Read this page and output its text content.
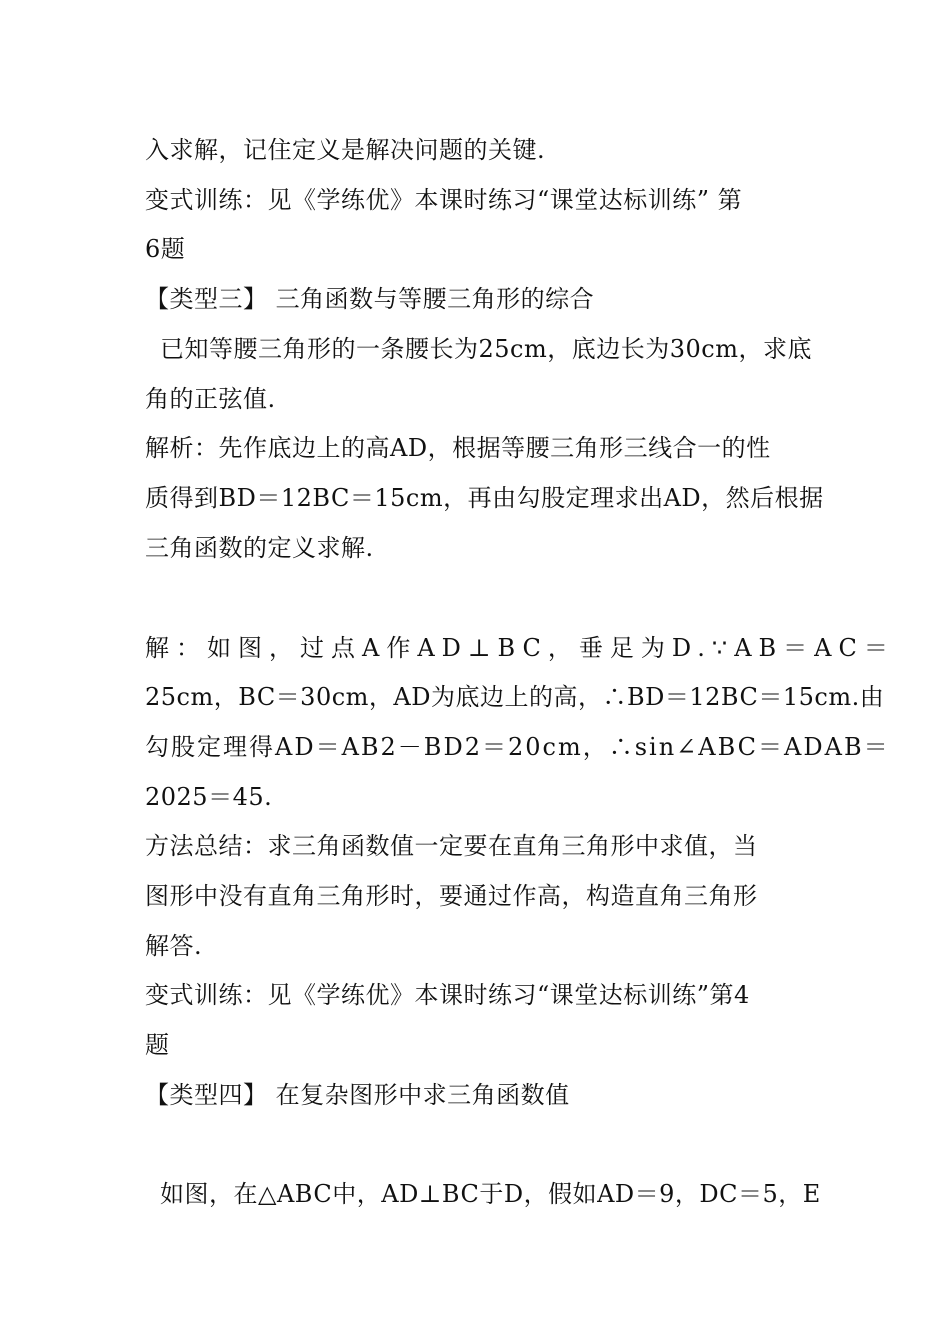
入求解，记住定义是解决问题的关键.
变式训练：见《学练优》本课时练习“课堂达标训练” 第
6题
【类型三】 三角函数与等腰三角形的综合
已知等腰三角形的一条腰长为25cm，底边长为30cm，求底
角的正弦值.
解析：先作底边上的高AD，根据等腰三角形三线合一的性
质得到BD＝12BC＝15cm，再由勾股定理求出AD，然后根据
三角函数的定义求解.
解：如图，过点A作AD⊥BC，垂足为D.∵AB＝AC＝
25cm，BC＝30cm，AD为底边上的高，∴BD＝12BC＝15cm.由
勾股定理得AD＝AB2－BD2＝20cm，∴sin∠ABC＝ADAB＝
2025＝45.
方法总结：求三角函数值一定要在直角三角形中求值，当
图形中没有直角三角形时，要通过作高，构造直角三角形
解答.
变式训练：见《学练优》本课时练习“课堂达标训练”第4
题
【类型四】 在复杂图形中求三角函数值
如图，在△ABC中，AD⊥BC于D，假如AD＝9，DC＝5，E
